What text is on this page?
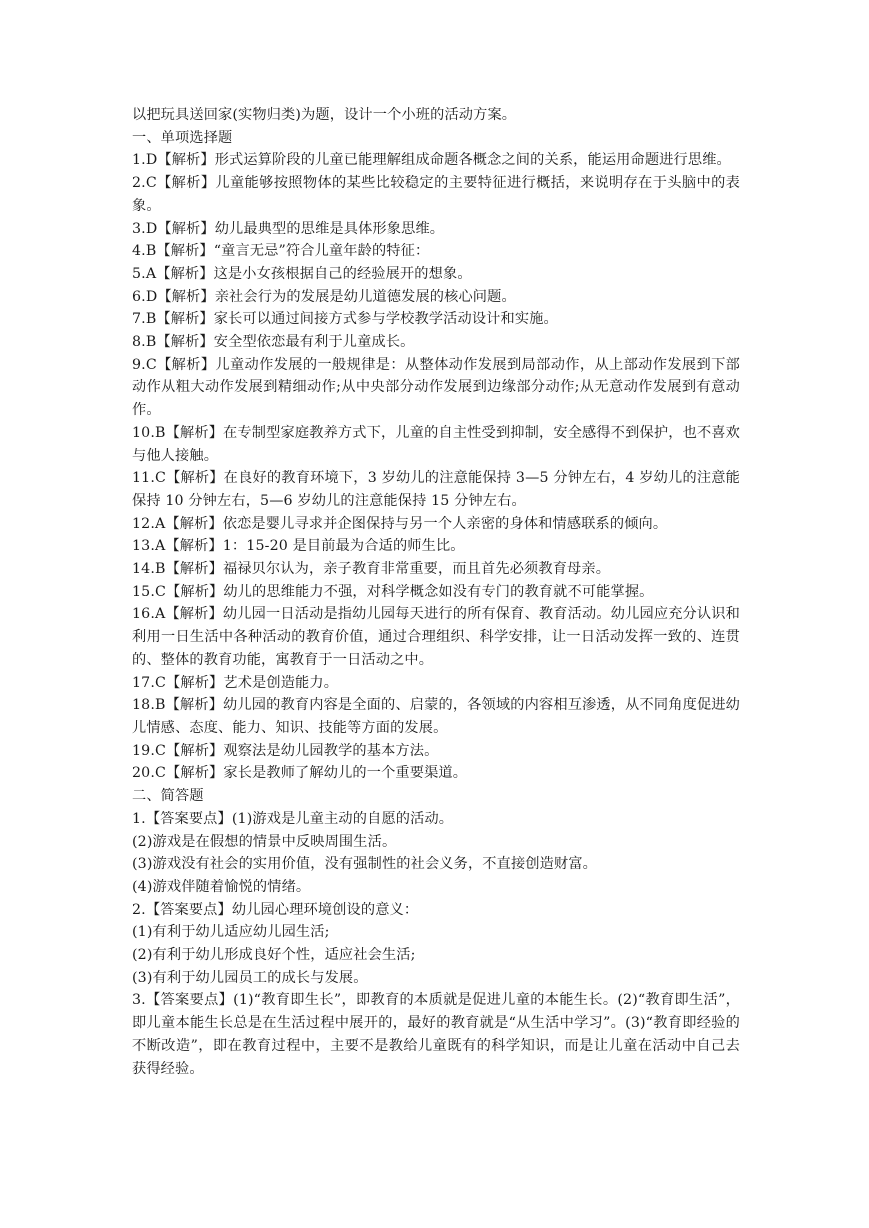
以把玩具送回家(实物归类)为题，设计一个小班的活动方案。

一、单项选择题

1.D【解析】形式运算阶段的儿童已能理解组成命题各概念之间的关系，能运用命题进行思维。

2.C【解析】儿童能够按照物体的某些比较稳定的主要特征进行概括，来说明存在于头脑中的表象。

3.D【解析】幼儿最典型的思维是具体形象思维。

4.B【解析】“童言无忌”符合儿童年龄的特征：

5.A【解析】这是小女孩根据自己的经验展开的想象。

6.D【解析】亲社会行为的发展是幼儿道德发展的核心问题。

7.B【解析】家长可以通过间接方式参与学校教学活动设计和实施。

8.B【解析】安全型依恋最有利于儿童成长。

9.C【解析】儿童动作发展的一般规律是：从整体动作发展到局部动作，从上部动作发展到下部动作从粗大动作发展到精细动作;从中央部分动作发展到边缘部分动作;从无意动作发展到有意动作。

10.B【解析】在专制型家庭教养方式下，儿童的自主性受到抑制，安全感得不到保护，也不喜欢与他人接触。

11.C【解析】在良好的教育环境下，3 岁幼儿的注意能保持 3—5 分钟左右，4 岁幼儿的注意能保持 10 分钟左右，5—6 岁幼儿的注意能保持 15 分钟左右。

12.A【解析】依恋是婴儿寻求并企图保持与另一个人亲密的身体和情感联系的倾向。

13.A【解析】1：15-20 是目前最为合适的师生比。

14.B【解析】福禄贝尔认为，亲子教育非常重要，而且首先必须教育母亲。

15.C【解析】幼儿的思维能力不强，对科学概念如没有专门的教育就不可能掌握。

16.A【解析】幼儿园一日活动是指幼儿园每天进行的所有保育、教育活动。幼儿园应充分认识和利用一日生活中各种活动的教育价值，通过合理组织、科学安排，让一日活动发挥一致的、连贯的、整体的教育功能，寓教育于一日活动之中。

17.C【解析】艺术是创造能力。

18.B【解析】幼儿园的教育内容是全面的、启蒙的，各领域的内容相互渗透，从不同角度促进幼儿情感、态度、能力、知识、技能等方面的发展。

19.C【解析】观察法是幼儿园教学的基本方法。

20.C【解析】家长是教师了解幼儿的一个重要渠道。

二、简答题

1.【答案要点】(1)游戏是儿童主动的自愿的活动。

(2)游戏是在假想的情景中反映周围生活。

(3)游戏没有社会的实用价值，没有强制性的社会义务，不直接创造财富。

(4)游戏伴随着愉悦的情绪。

2.【答案要点】幼儿园心理环境创设的意义：

(1)有利于幼儿适应幼儿园生活;

(2)有利于幼儿形成良好个性，适应社会生活;

(3)有利于幼儿园员工的成长与发展。

3.【答案要点】(1)“教育即生长”，即教育的本质就是促进儿童的本能生长。(2)“教育即生活”，即儿童本能生长总是在生活过程中展开的，最好的教育就是“从生活中学习”。(3)“教育即经验的不断改造”，即在教育过程中，主要不是教给儿童既有的科学知识，而是让儿童在活动中自己去获得经验。
